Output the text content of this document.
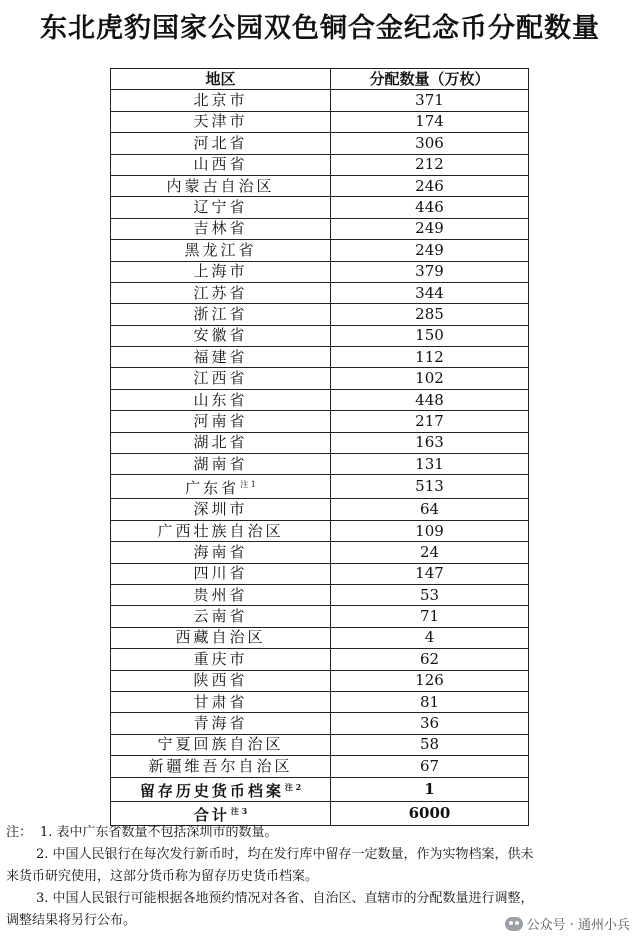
东北虎豹国家公园双色铜合金纪念币分配数量
地区	分配数量（万枚）
北京市	371
天津市	174
河北省	306
山西省	212
内蒙古自治区	246
辽宁省	446
吉林省	249
黑龙江省	249
上海市	379
江苏省	344
浙江省	285
安徽省	150
福建省	112
江西省	102
山东省	448
河南省	217
湖北省	163
湖南省	131
广东省$^{注 1}$	513
深圳市	64
广西壮族自治区	109
海南省	24
四川省	147
贵州省	53
云南省	71
西藏自治区	4
重庆市	62
陕西省	126
甘肃省	81
青海省	36
宁夏回族自治区	58
新疆维吾尔自治区	67
留存历史货币档案$^{注 2}$	1
合计$^{注 3}$	6000

注： 1. 表中广东省数量不包括深圳市的数量。

2. 中国人民银行在每次发行新币时，均在发行库中留存一定数量，作为实物档案，供未

来货币研究使用，这部分货币称为留存历史货币档案。

3. 中国人民银行可能根据各地预约情况对各省、自治区、直辖市的分配数量进行调整，

调整结果将另行公布。	公众号 · 通州小兵
